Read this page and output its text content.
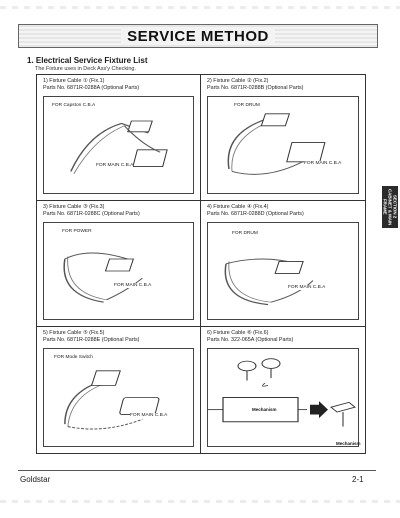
SERVICE METHOD
1. Electrical Service Fixture List
The Fixture uses in Deck Ass'y Checking.
1) Fixture Cable ① (Fix.1)
Parts No. 6871R-0288A (Optional Parts)
FOR Capston C.B.A
FOR MAIN C.B.A
2) Fixture Cable ② (Fix.2)
Parts No. 6871R-0288B (Optional Parts)
FOR DRUM
FOR MAIN C.B.A
3) Fixture Cable ③ (Fix.3)
Parts No. 6871R-0288C (Optional Parts)
FOR POWER
FOR MAIN C.B.A
4) Fixture Cable ④ (Fix.4)
Parts No. 6871R-0288D (Optional Parts)
FOR DRUM
FOR MAIN C.B.A
5) Fixture Cable ⑤ (Fix.5)
Parts No. 6871R-0288E (Optional Parts)
FOR Mode Switch
FOR MAIN C.B.A
6) Fixture Cable ⑥ (Fix.6)
Parts No. 322-065A (Optional Parts)
Mechanism
Mechanism
SECTION 2
CABINET & MAIN
FRAME
Goldstar	2-1
